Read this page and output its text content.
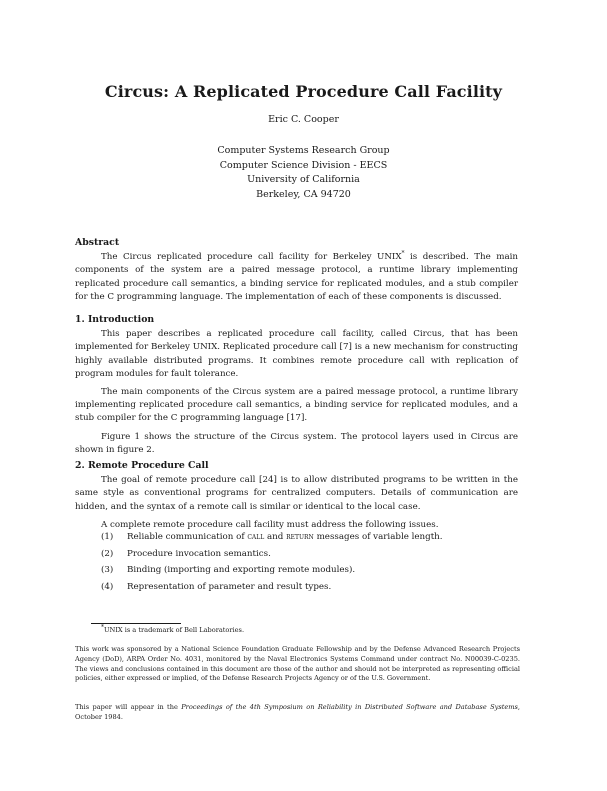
Circus: A Replicated Procedure Call Facility
Eric C. Cooper
Computer Systems Research Group
Computer Science Division - EECS
University of California
Berkeley, CA 94720
Abstract

The Circus replicated procedure call facility for Berkeley UNIX* is described. The main components of the system are a paired message protocol, a runtime library implementing replicated procedure call semantics, a binding service for replicated modules, and a stub compiler for the C programming language. The implementation of each of these components is discussed.

1. Introduction

This paper describes a replicated procedure call facility, called Circus, that has been implemented for Berkeley UNIX. Replicated procedure call [7] is a new mechanism for constructing highly available distributed programs. It combines remote procedure call with replication of program modules for fault tolerance.

The main components of the Circus system are a paired message protocol, a runtime library implementing replicated procedure call semantics, a binding service for replicated modules, and a stub compiler for the C programming language [17].

Figure 1 shows the structure of the Circus system. The protocol layers used in Circus are shown in figure 2.

2. Remote Procedure Call

The goal of remote procedure call [24] is to allow distributed programs to be written in the same style as conventional programs for centralized computers. Details of communication are hidden, and the syntax of a remote call is similar or identical to the local case.

A complete remote procedure call facility must address the following issues.

(1)	Reliable communication of call and return messages of variable length.
(2)	Procedure invocation semantics.
(3)	Binding (importing and exporting remote modules).
(4)	Representation of parameter and result types.
*UNIX is a trademark of Bell Laboratories.
This work was sponsored by a National Science Foundation Graduate Fellowship and by the Defense Advanced Research Projects Agency (DoD), ARPA Order No. 4031, monitored by the Naval Electronics Systems Command under contract No. N00039-C-0235. The views and conclusions contained in this document are those of the author and should not be interpreted as representing official policies, either expressed or implied, of the Defense Research Projects Agency or of the U.S. Government.
This paper will appear in the Proceedings of the 4th Symposium on Reliability in Distributed Software and Database Systems, October 1984.
